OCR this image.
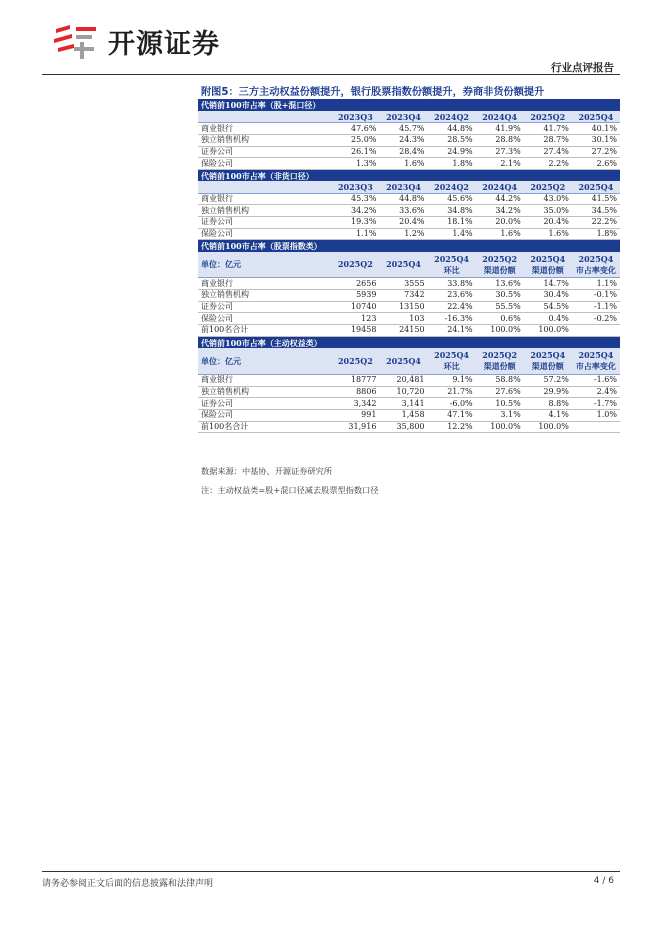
开源证券
行业点评报告
附图5：三方主动权益份额提升，银行股票指数份额提升，券商非货份额提升
代销前100市占率（股+混口径）						
	2023Q3	2023Q4	2024Q2	2024Q4	2025Q2	2025Q4
商业银行	47.6%	45.7%	44.8%	41.9%	41.7%	40.1%
独立销售机构	25.0%	24.3%	28.5%	28.8%	28.7%	30.1%
证券公司	26.1%	28.4%	24.9%	27.3%	27.4%	27.2%
保险公司	1.3%	1.6%	1.8%	2.1%	2.2%	2.6%
代销前100市占率（非货口径）						
	2023Q3	2023Q4	2024Q2	2024Q4	2025Q2	2025Q4
商业银行	45.3%	44.8%	45.6%	44.2%	43.0%	41.5%
独立销售机构	34.2%	33.6%	34.8%	34.2%	35.0%	34.5%
证券公司	19.3%	20.4%	18.1%	20.0%	20.4%	22.2%
保险公司	1.1%	1.2%	1.4%	1.6%	1.6%	1.8%
代销前100市占率（股票指数类）						
单位：亿元	2025Q2	2025Q4	2025Q4环比	2025Q2渠道份额	2025Q4渠道份额	2025Q4市占率变化
商业银行	2656	3555	33.8%	13.6%	14.7%	1.1%
独立销售机构	5939	7342	23.6%	30.5%	30.4%	-0.1%
证券公司	10740	13150	22.4%	55.5%	54.5%	-1.1%
保险公司	123	103	-16.3%	0.6%	0.4%	-0.2%
前100名合计	19458	24150	24.1%	100.0%	100.0%	
代销前100市占率（主动权益类）						
单位：亿元	2025Q2	2025Q4	2025Q4环比	2025Q2渠道份额	2025Q4渠道份额	2025Q4市占率变化
商业银行	18777	20,481	9.1%	58.8%	57.2%	-1.6%
独立销售机构	8806	10,720	21.7%	27.6%	29.9%	2.4%
证券公司	3,342	3,141	-6.0%	10.5%	8.8%	-1.7%
保险公司	991	1,458	47.1%	3.1%	4.1%	1.0%
前100名合计	31,916	35,800	12.2%	100.0%	100.0%	
数据来源：中基协、开源证券研究所
注：主动权益类=股+混口径减去股票型指数口径
请务必参阅正文后面的信息披露和法律声明	4 / 6
